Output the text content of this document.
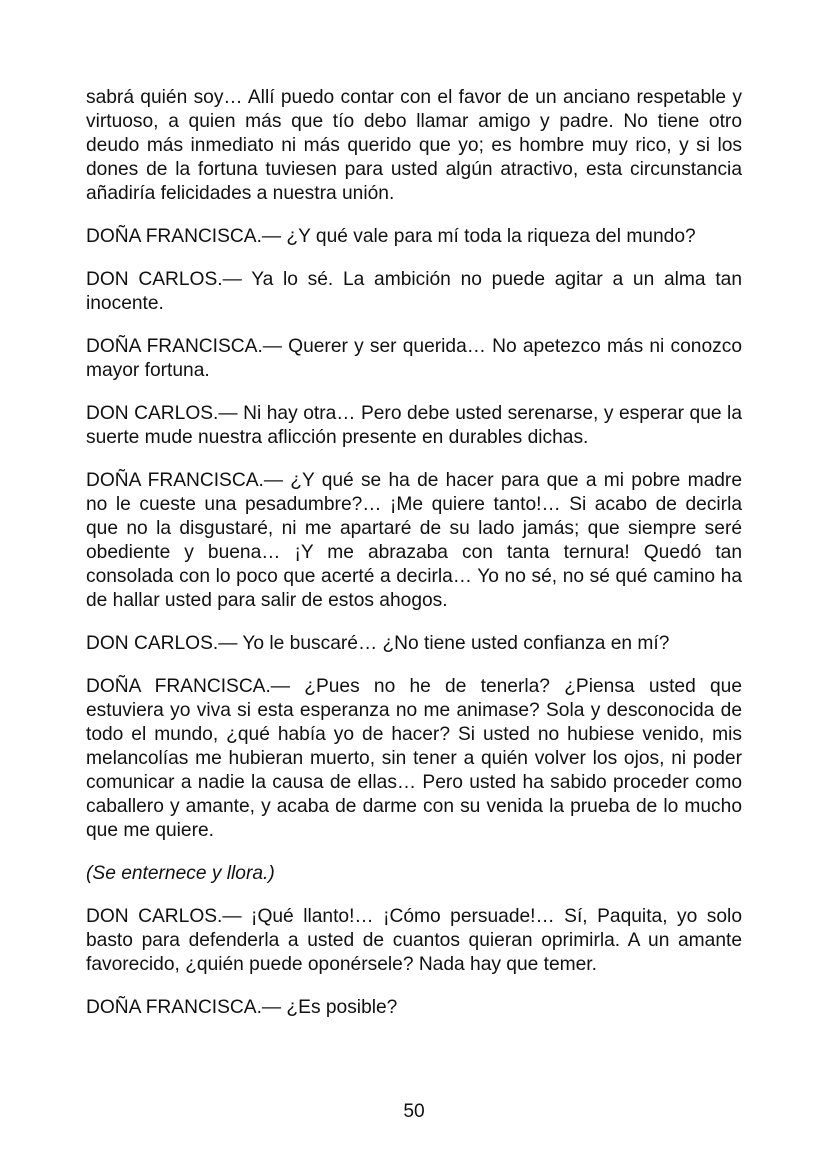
sabrá quién soy… Allí puedo contar con el favor de un anciano respetable y virtuoso, a quien más que tío debo llamar amigo y padre. No tiene otro deudo más inmediato ni más querido que yo; es hombre muy rico, y si los dones de la fortuna tuviesen para usted algún atractivo, esta circunstancia añadiría felicidades a nuestra unión.

DOÑA FRANCISCA.— ¿Y qué vale para mí toda la riqueza del mundo?

DON CARLOS.— Ya lo sé. La ambición no puede agitar a un alma tan inocente.

DOÑA FRANCISCA.— Querer y ser querida… No apetezco más ni conozco mayor fortuna.

DON CARLOS.— Ni hay otra… Pero debe usted serenarse, y esperar que la suerte mude nuestra aflicción presente en durables dichas.

DOÑA FRANCISCA.— ¿Y qué se ha de hacer para que a mi pobre madre no le cueste una pesadumbre?… ¡Me quiere tanto!… Si acabo de decirla que no la disgustaré, ni me apartaré de su lado jamás; que siempre seré obediente y buena… ¡Y me abrazaba con tanta ternura! Quedó tan consolada con lo poco que acerté a decirla… Yo no sé, no sé qué camino ha de hallar usted para salir de estos ahogos.

DON CARLOS.— Yo le buscaré… ¿No tiene usted confianza en mí?

DOÑA FRANCISCA.— ¿Pues no he de tenerla? ¿Piensa usted que estuviera yo viva si esta esperanza no me animase? Sola y desconocida de todo el mundo, ¿qué había yo de hacer? Si usted no hubiese venido, mis melancolías me hubieran muerto, sin tener a quién volver los ojos, ni poder comunicar a nadie la causa de ellas… Pero usted ha sabido proceder como caballero y amante, y acaba de darme con su venida la prueba de lo mucho que me quiere.

(Se enternece y llora.)

DON CARLOS.— ¡Qué llanto!… ¡Cómo persuade!… Sí, Paquita, yo solo basto para defenderla a usted de cuantos quieran oprimirla. A un amante favorecido, ¿quién puede oponérsele? Nada hay que temer.

DOÑA FRANCISCA.— ¿Es posible?

50
